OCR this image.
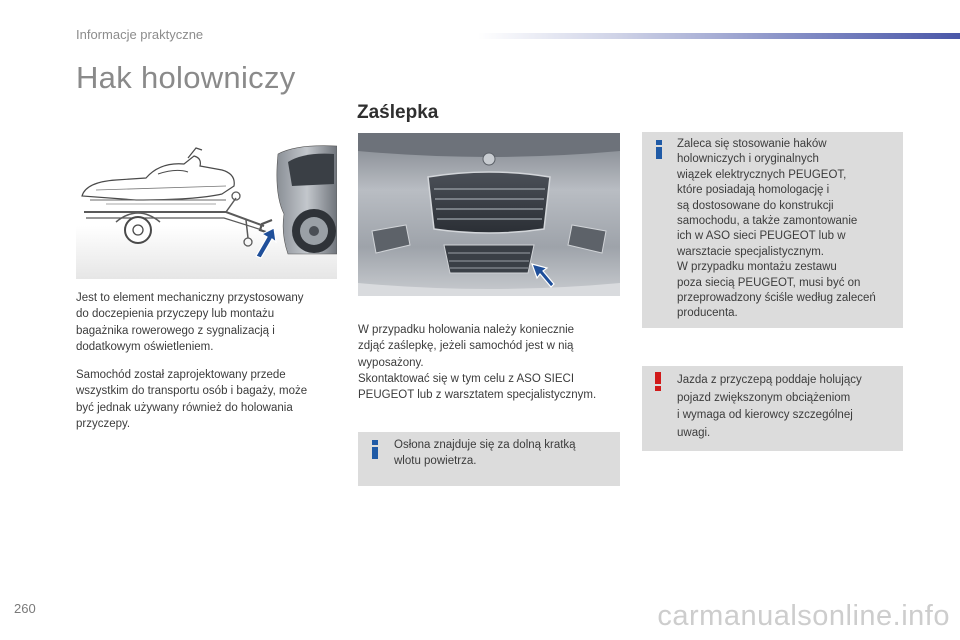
Informacje praktyczne
Hak holowniczy
Jest to element mechaniczny przystosowany
do doczepienia przyczepy lub montażu
bagażnika rowerowego z sygnalizacją i
dodatkowym oświetleniem.
Samochód został zaprojektowany przede
wszystkim do transportu osób i bagaży, może
być jednak używany również do holowania
przyczepy.
Zaślepka
W przypadku holowania należy koniecznie
zdjąć zaślepkę, jeżeli samochód jest w nią
wyposażony.
Skontaktować się w tym celu z ASO SIECI
PEUGEOT lub z warsztatem specjalistycznym.
Osłona znajduje się za dolną kratką
wlotu powietrza.
Zaleca się stosowanie haków
holowniczych i oryginalnych
wiązek elektrycznych PEUGEOT,
które posiadają homologację i
są dostosowane do konstrukcji
samochodu, a także zamontowanie
ich w ASO sieci PEUGEOT lub w
warsztacie specjalistycznym.
W przypadku montażu zestawu
poza siecią PEUGEOT, musi być on
przeprowadzony ściśle według zaleceń
producenta.
Jazda z przyczepą poddaje holujący
pojazd zwiększonym obciążeniom
i wymaga od kierowcy szczególnej
uwagi.
260	carmanualsonline.info
